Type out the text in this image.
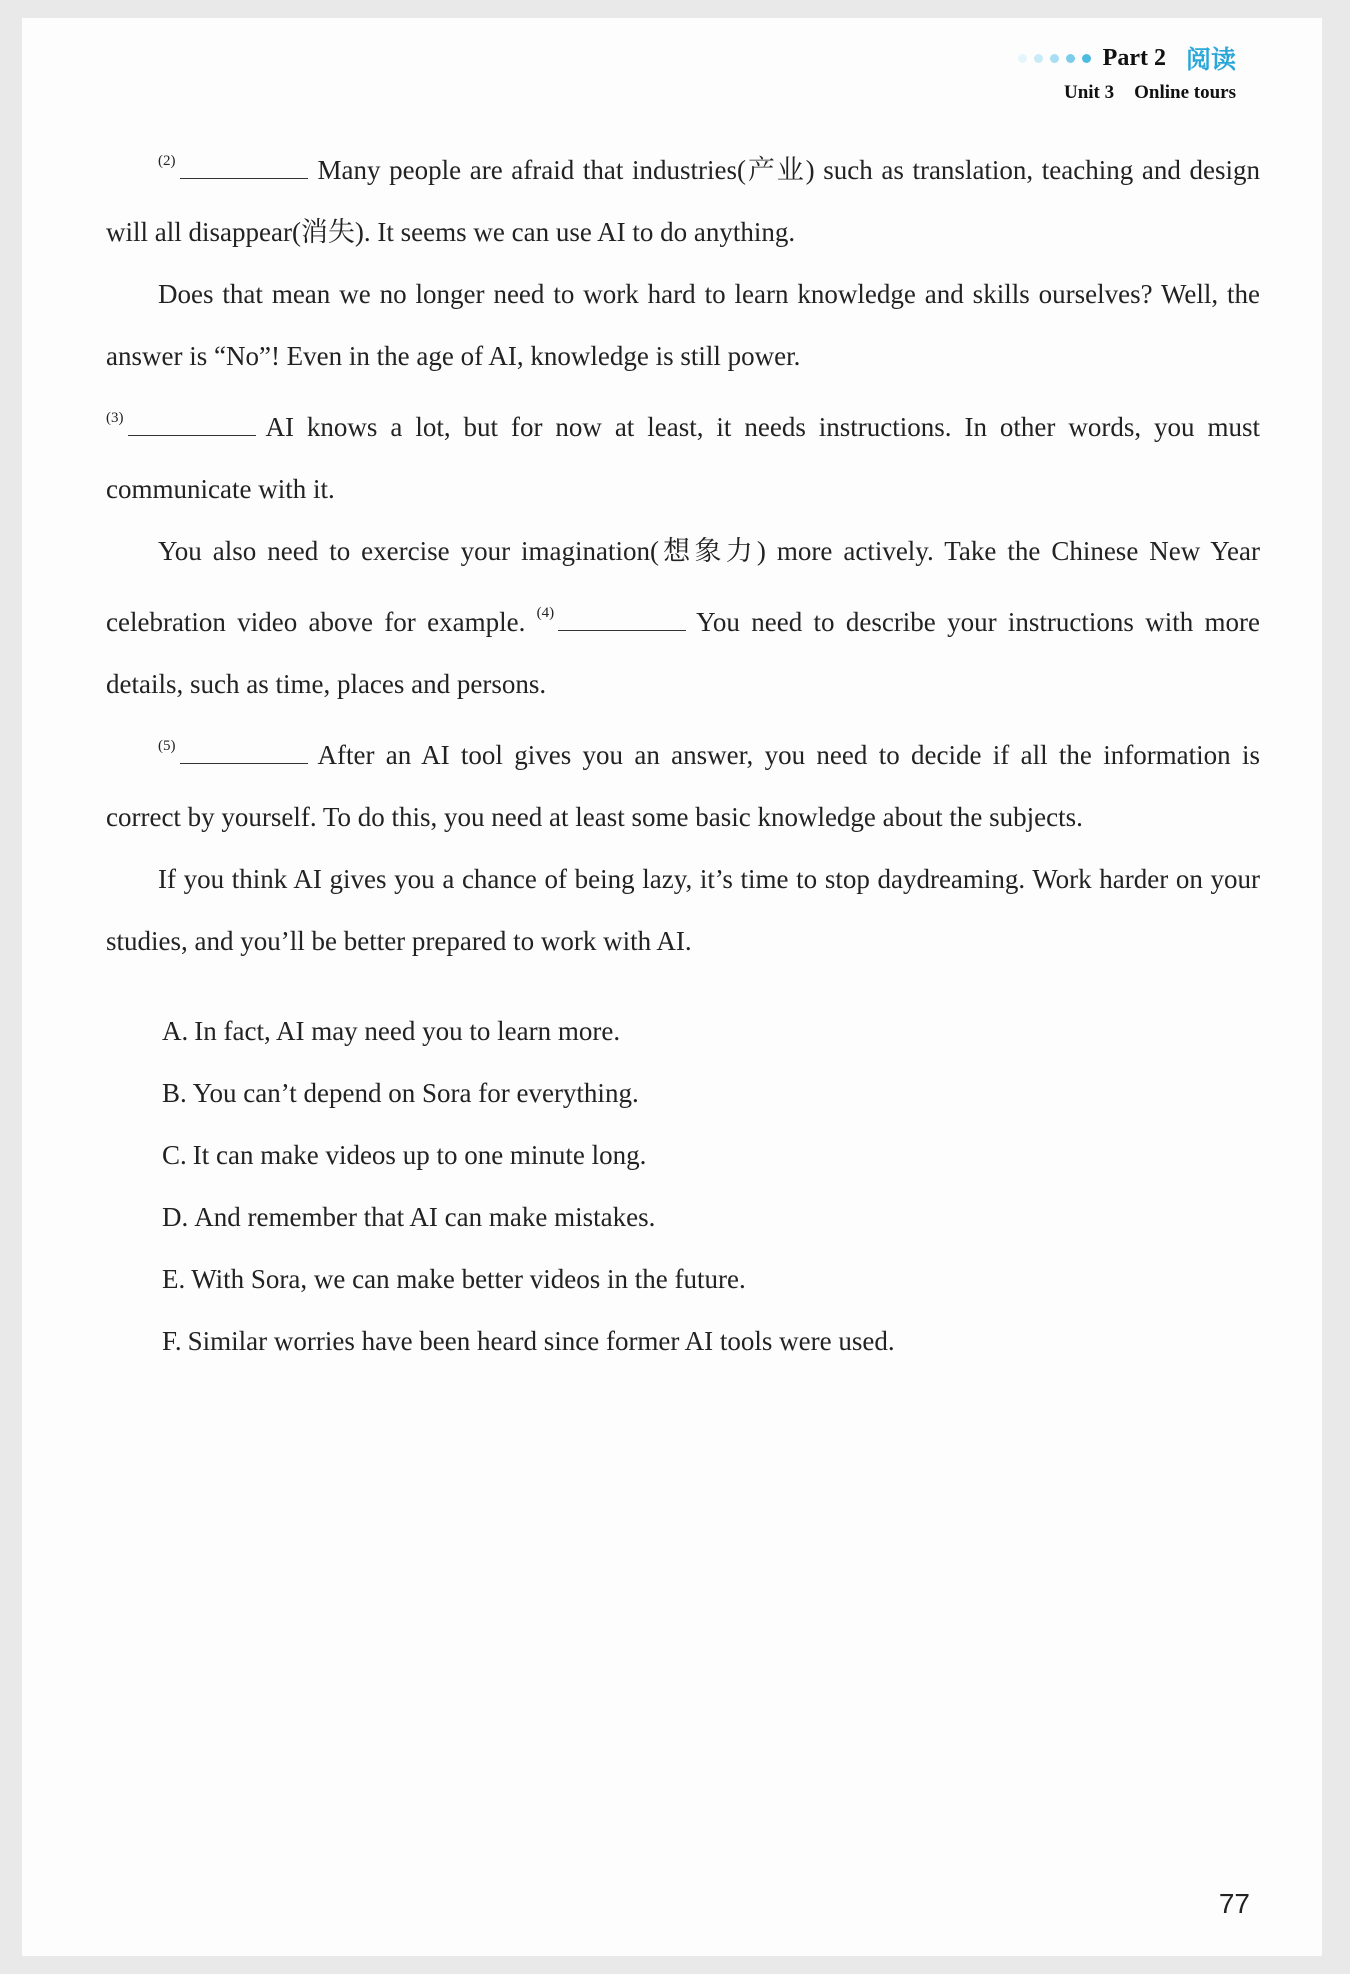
Part 2 阅读
Unit 3 Online tours

(2)	Many people are afraid that industries(产业) such as translation, teaching and design will all disappear(消失). It seems we can use AI to do anything.

Does that mean we no longer need to work hard to learn knowledge and skills ourselves? Well, the answer is “No”! Even in the age of AI, knowledge is still power.

(3)	AI knows a lot, but for now at least, it needs instructions. In other words, you must communicate with it.

You also need to exercise your imagination(想象力) more actively. Take the Chinese New Year celebration video above for example. (4)	You need to describe your instructions with more details, such as time, places and persons.

(5)	After an AI tool gives you an answer, you need to decide if all the information is correct by yourself. To do this, you need at least some basic knowledge about the subjects.

If you think AI gives you a chance of being lazy, it’s time to stop daydreaming. Work harder on your studies, and you’ll be better prepared to work with AI.

A. In fact, AI may need you to learn more.

B. You can’t depend on Sora for everything.

C. It can make videos up to one minute long.

D. And remember that AI can make mistakes.

E. With Sora, we can make better videos in the future.

F. Similar worries have been heard since former AI tools were used.

77
